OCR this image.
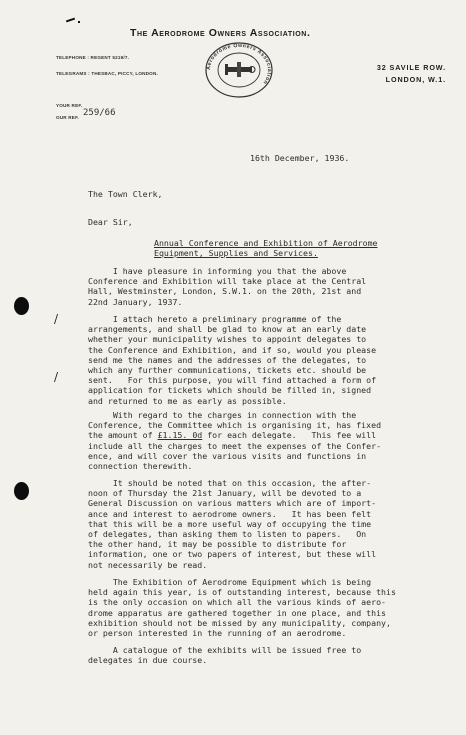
The Aerodrome Owners Association.
TELEPHONE : REGENT 5219/7.
TELEGRAMS : THESBAC, PICCY, LONDON.
Aerodrome Owners Association
32 SAVILE ROW.
LONDON, W.1.
YOUR REF.
OUR REF. 259/66
16th December, 1936.
The Town Clerk,
Dear Sir,
Annual Conference and Exhibition of Aerodrome
Equipment, Supplies and Services.
I have pleasure in informing you that the above
Conference and Exhibition will take place at the Central
Hall, Westminster, London, S.W.1. on the 20th, 21st and
22nd January, 1937.
I attach hereto a preliminary programme of the
arrangements, and shall be glad to know at an early date
whether your municipality wishes to appoint delegates to
the Conference and Exhibition, and if so, would you please
send me the names and the addresses of the delegates, to
which any further communications, tickets etc. should be
sent.   For this purpose, you will find attached a form of
application for tickets which should be filled in, signed
and returned to me as early as possible.
With regard to the charges in connection with the
Conference, the Committee which is organising it, has fixed
the amount of £1.15. 0d for each delegate.   This fee will
include all the charges to meet the expenses of the Confer-
ence, and will cover the various visits and functions in
connection therewith.
It should be noted that on this occasion, the after-
noon of Thursday the 21st January, will be devoted to a
General Discussion on various matters which are of import-
ance and interest to aerodrome owners.   It has been felt
that this will be a more useful way of occupying the time
of delegates, than asking them to listen to papers.   On
the other hand, it may be possible to distribute for
information, one or two papers of interest, but these will
not necessarily be read.
The Exhibition of Aerodrome Equipment which is being
held again this year, is of outstanding interest, because this
is the only occasion on which all the various kinds of aero-
drome apparatus are gathered together in one place, and this
exhibition should not be missed by any municipality, company,
or person interested in the running of an aerodrome.
A catalogue of the exhibits will be issued free to
delegates in due course.
/
/
